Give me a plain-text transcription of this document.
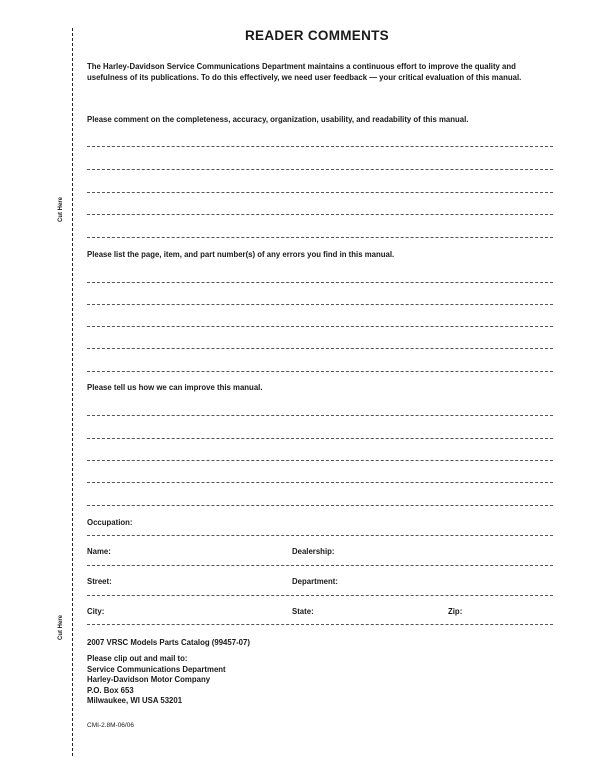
Cut Here
Cut Here
READER COMMENTS
The Harley-Davidson Service Communications Department maintains a continuous effort to improve the quality and usefulness of its publications. To do this effectively, we need user feedback — your critical evaluation of this manual.
Please comment on the completeness, accuracy, organization, usability, and readability of this manual.
Please list the page, item, and part number(s) of any errors you find in this manual.
Please tell us how we can improve this manual.
Occupation:
Name:	Dealership:
Street:	Department:
City:	State:	Zip:
2007 VRSC Models Parts Catalog (99457-07)
Please clip out and mail to:
Service Communications Department
Harley-Davidson Motor Company
P.O. Box 653
Milwaukee, WI USA 53201
CMI-2.8M-06/06
